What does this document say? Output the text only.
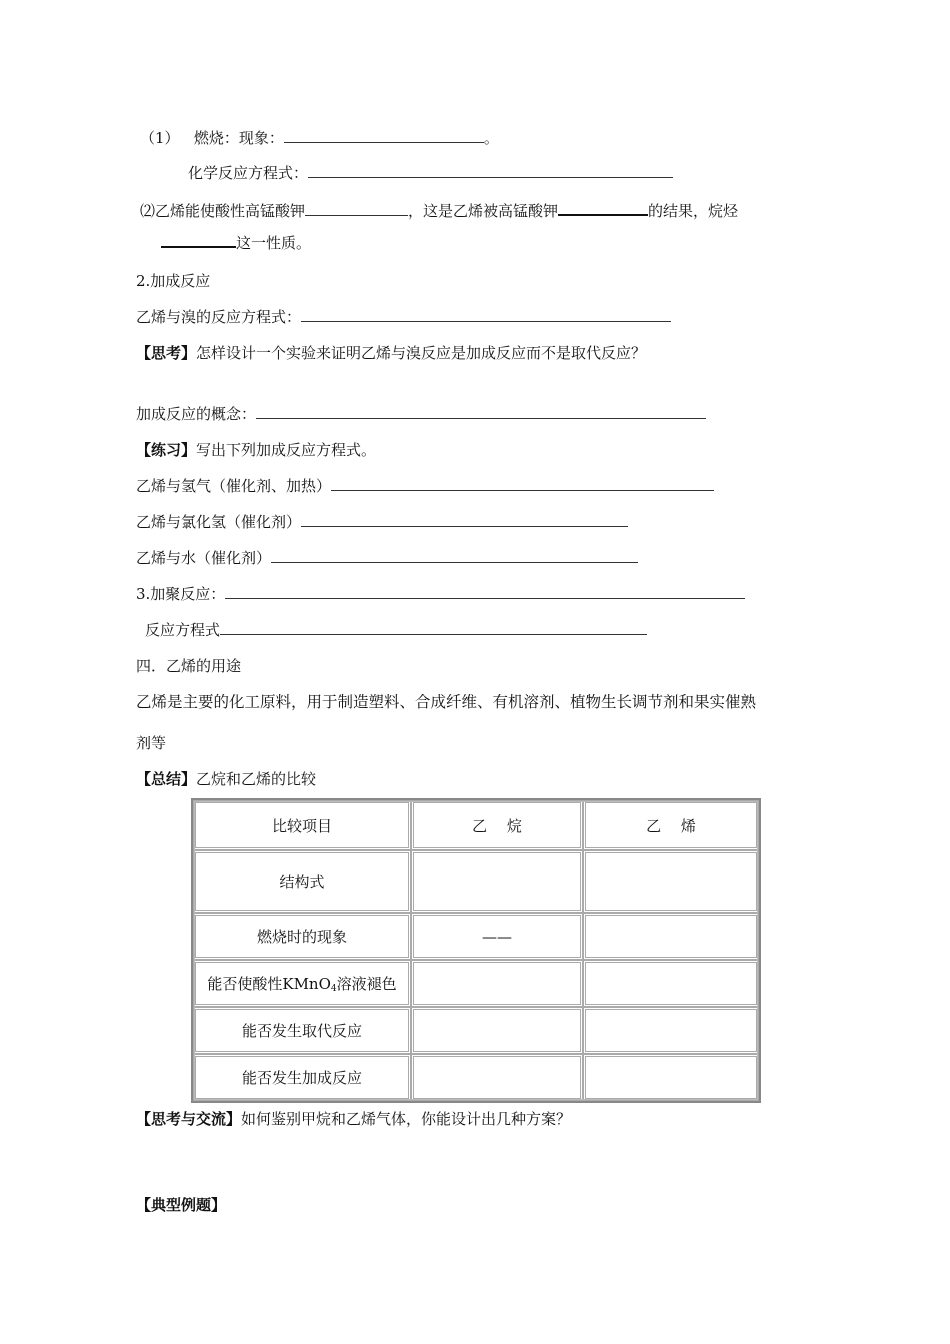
（1） 燃烧：现象：	。
化学反应方程式：
⑵乙烯能使酸性高锰酸钾	，这是乙烯被高锰酸钾	的结果，烷烃
这一性质。
2.加成反应
乙烯与溴的反应方程式：
【思考】怎样设计一个实验来证明乙烯与溴反应是加成反应而不是取代反应？
加成反应的概念：
【练习】写出下列加成反应方程式。
乙烯与氢气（催化剂、加热）
乙烯与氯化氢（催化剂）
乙烯与水（催化剂）
3.加聚反应：
反应方程式
四．乙烯的用途
乙烯是主要的化工原料，用于制造塑料、合成纤维、有机溶剂、植物生长调节剂和果实催熟
剂等
【总结】乙烷和乙烯的比较
比较项目	乙　 烷	乙　 烯
结构式		
燃烧时的现象	——	
能否使酸性KMnO$_4$溶液褪色		
能否发生取代反应		
能否发生加成反应		
【思考与交流】如何鉴别甲烷和乙烯气体，你能设计出几种方案？
【典型例题】
